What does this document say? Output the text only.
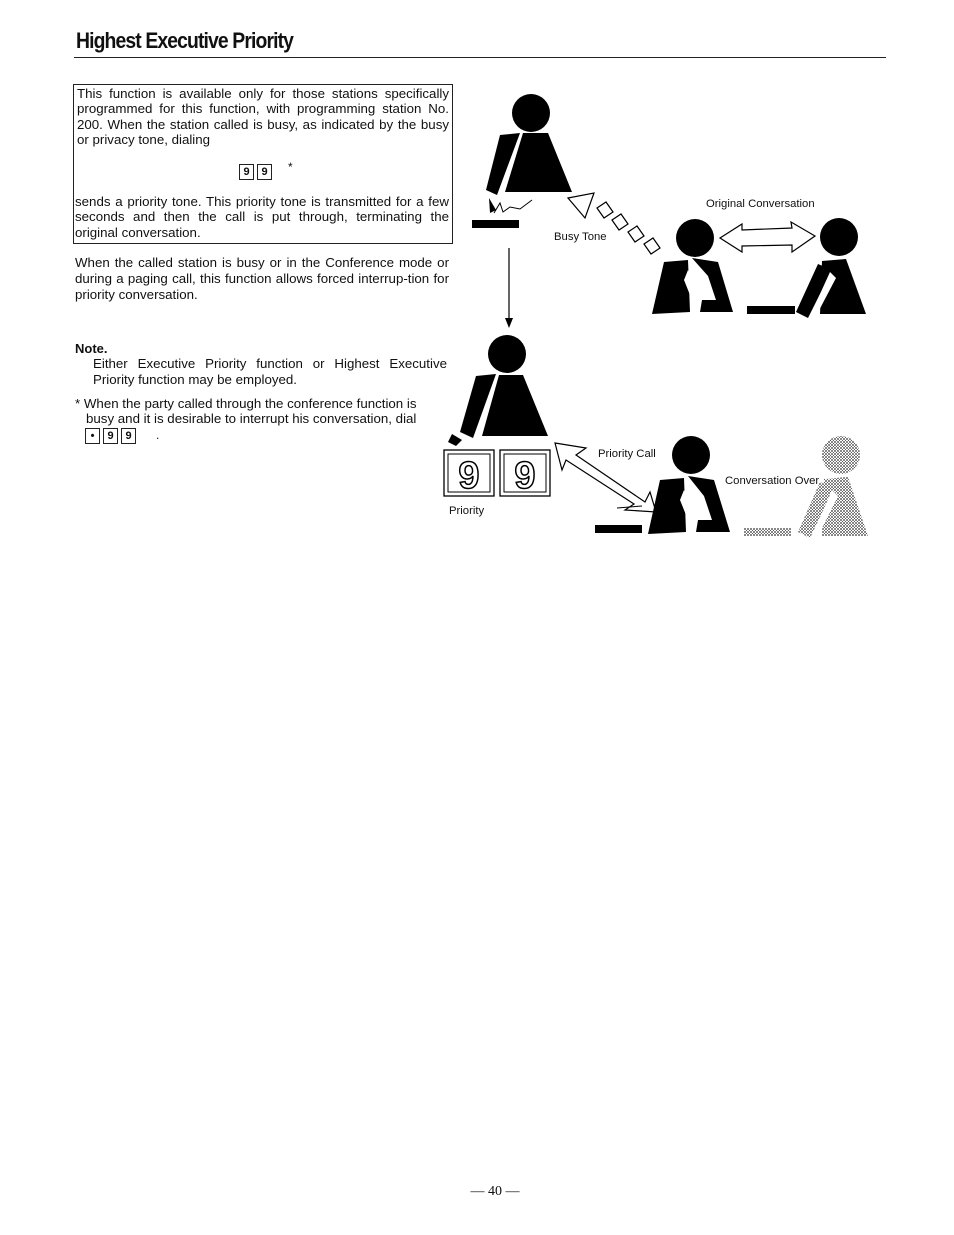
Highest Executive Priority
This function is available only for those stations specifically programmed for this function, with programming station No. 200. When the station called is busy, as indicated by the busy or privacy tone, dialing
9 9 *
sends a priority tone. This priority tone is transmitted for a few seconds and then the call is put through, terminating the original conversation.
When the called station is busy or in the Conference mode or during a paging call, this function allows forced interrup-tion for priority conversation.
Note.
Either Executive Priority function or Highest Executive Priority function may be employed.
* When the party called through the conference function is
busy and it is desirable to interrupt his conversation, dial
• 9 9 .
9 9
Busy Tone
Original Conversation
Priority Call
Conversation Over
Priority
— 40 —
